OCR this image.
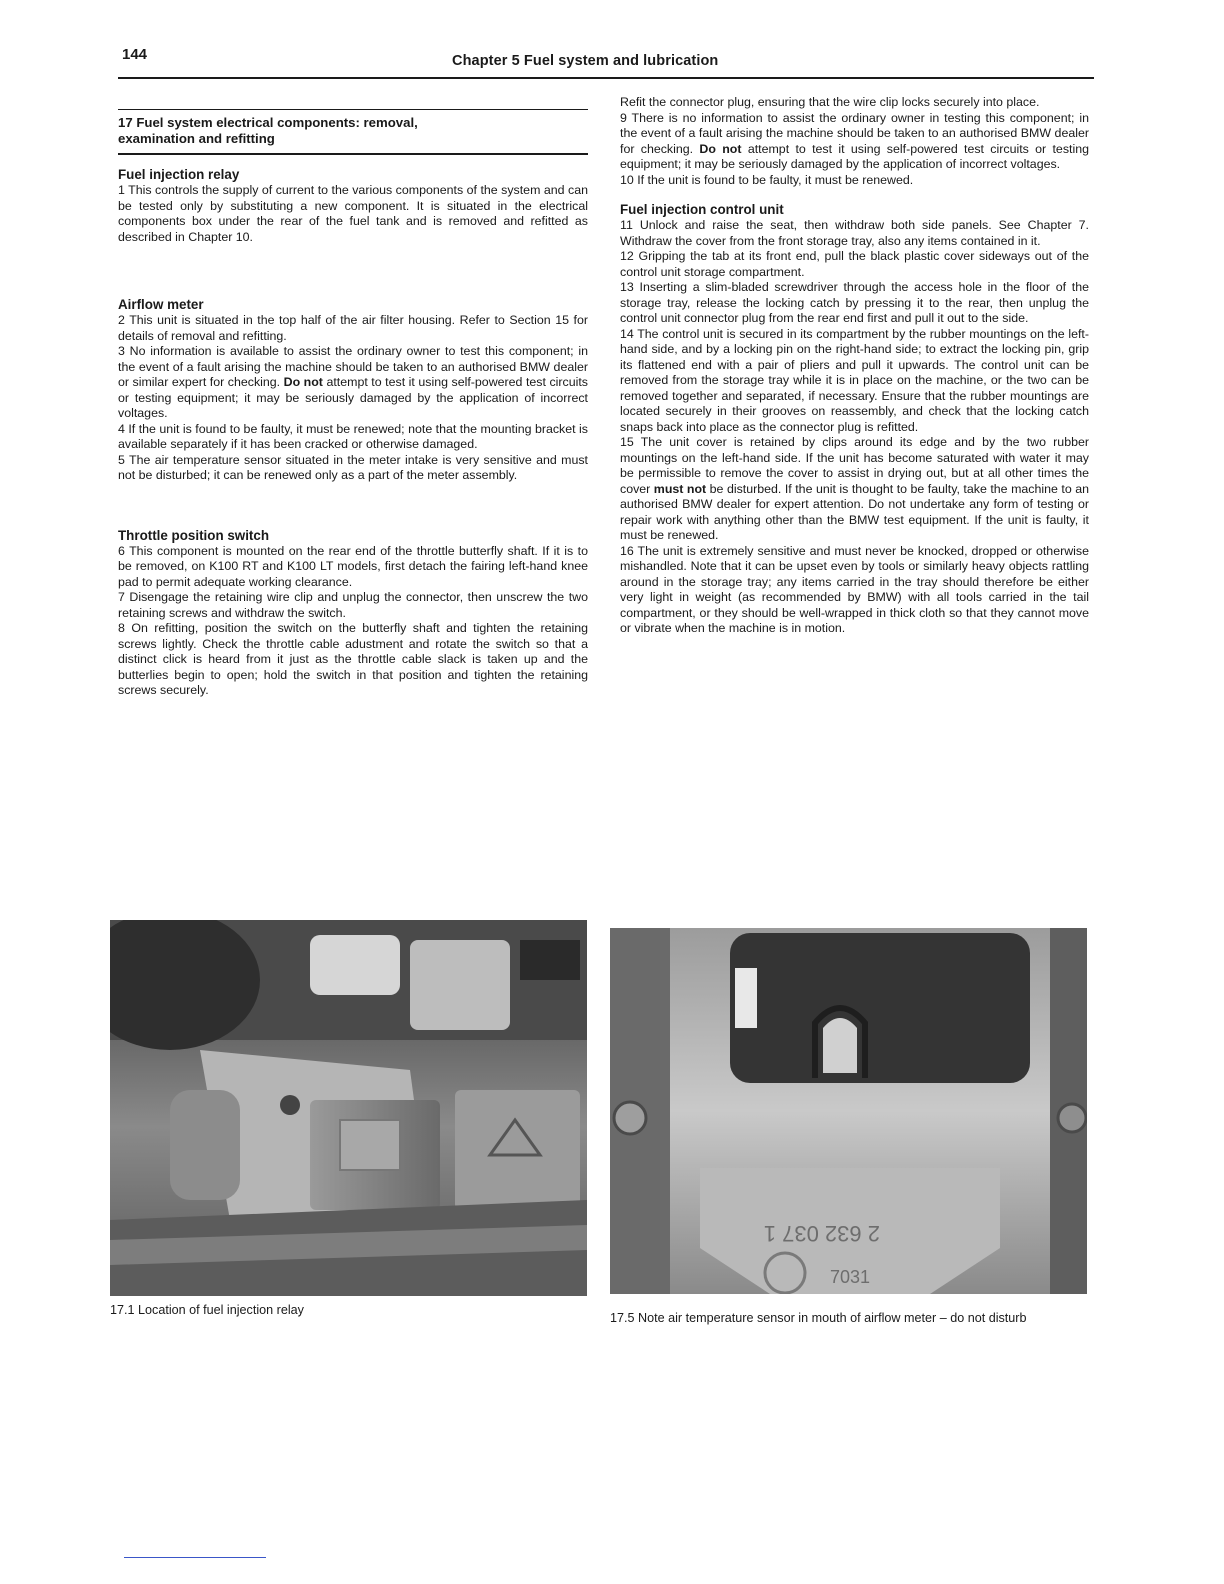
144	Chapter 5 Fuel system and lubrication
17 Fuel system electrical components: removal, examination and refitting

Fuel injection relay

1 This controls the supply of current to the various components of the system and can be tested only by substituting a new component. It is situated in the electrical components box under the rear of the fuel tank and is removed and refitted as described in Chapter 10.

Airflow meter

2 This unit is situated in the top half of the air filter housing. Refer to Section 15 for details of removal and refitting.

3 No information is available to assist the ordinary owner to test this component; in the event of a fault arising the machine should be taken to an authorised BMW dealer or similar expert for checking. Do not attempt to test it using self-powered test circuits or testing equipment; it may be seriously damaged by the application of incorrect voltages.

4 If the unit is found to be faulty, it must be renewed; note that the mounting bracket is available separately if it has been cracked or otherwise damaged.

5 The air temperature sensor situated in the meter intake is very sensitive and must not be disturbed; it can be renewed only as a part of the meter assembly.

Throttle position switch

6 This component is mounted on the rear end of the throttle butterfly shaft. If it is to be removed, on K100 RT and K100 LT models, first detach the fairing left-hand knee pad to permit adequate working clearance.

7 Disengage the retaining wire clip and unplug the connector, then unscrew the two retaining screws and withdraw the switch.

8 On refitting, position the switch on the butterfly shaft and tighten the retaining screws lightly. Check the throttle cable adustment and rotate the switch so that a distinct click is heard from it just as the throttle cable slack is taken up and the butterlies begin to open; hold the switch in that position and tighten the retaining screws securely.

Refit the connector plug, ensuring that the wire clip locks securely into place.

9 There is no information to assist the ordinary owner in testing this component; in the event of a fault arising the machine should be taken to an authorised BMW dealer for checking. Do not attempt to test it using self-powered test circuits or testing equipment; it may be seriously damaged by the application of incorrect voltages.

10 If the unit is found to be faulty, it must be renewed.

Fuel injection control unit

11 Unlock and raise the seat, then withdraw both side panels. See Chapter 7. Withdraw the cover from the front storage tray, also any items contained in it.

12 Gripping the tab at its front end, pull the black plastic cover sideways out of the control unit storage compartment.

13 Inserting a slim-bladed screwdriver through the access hole in the floor of the storage tray, release the locking catch by pressing it to the rear, then unplug the control unit connector plug from the rear end first and pull it out to the side.

14 The control unit is secured in its compartment by the rubber mountings on the left-hand side, and by a locking pin on the right-hand side; to extract the locking pin, grip its flattened end with a pair of pliers and pull it upwards. The control unit can be removed from the storage tray while it is in place on the machine, or the two can be removed together and separated, if necessary. Ensure that the rubber mountings are located securely in their grooves on reassembly, and check that the locking catch snaps back into place as the connector plug is refitted.

15 The unit cover is retained by clips around its edge and by the two rubber mountings on the left-hand side. If the unit has become saturated with water it may be permissible to remove the cover to assist in drying out, but at all other times the cover must not be disturbed. If the unit is thought to be faulty, take the machine to an authorised BMW dealer for expert attention. Do not undertake any form of testing or repair work with anything other than the BMW test equipment. If the unit is faulty, it must be renewed.

16 The unit is extremely sensitive and must never be knocked, dropped or otherwise mishandled. Note that it can be upset even by tools or similarly heavy objects rattling around in the storage tray; any items carried in the tray should therefore be either very light in weight (as recommended by BMW) with all tools carried in the tail compartment, or they should be well-wrapped in thick cloth so that they cannot move or vibrate when the machine is in motion.

17.1 Location of fuel injection relay
2 632 037 1
7031
17.5 Note air temperature sensor in mouth of airflow meter – do not disturb
